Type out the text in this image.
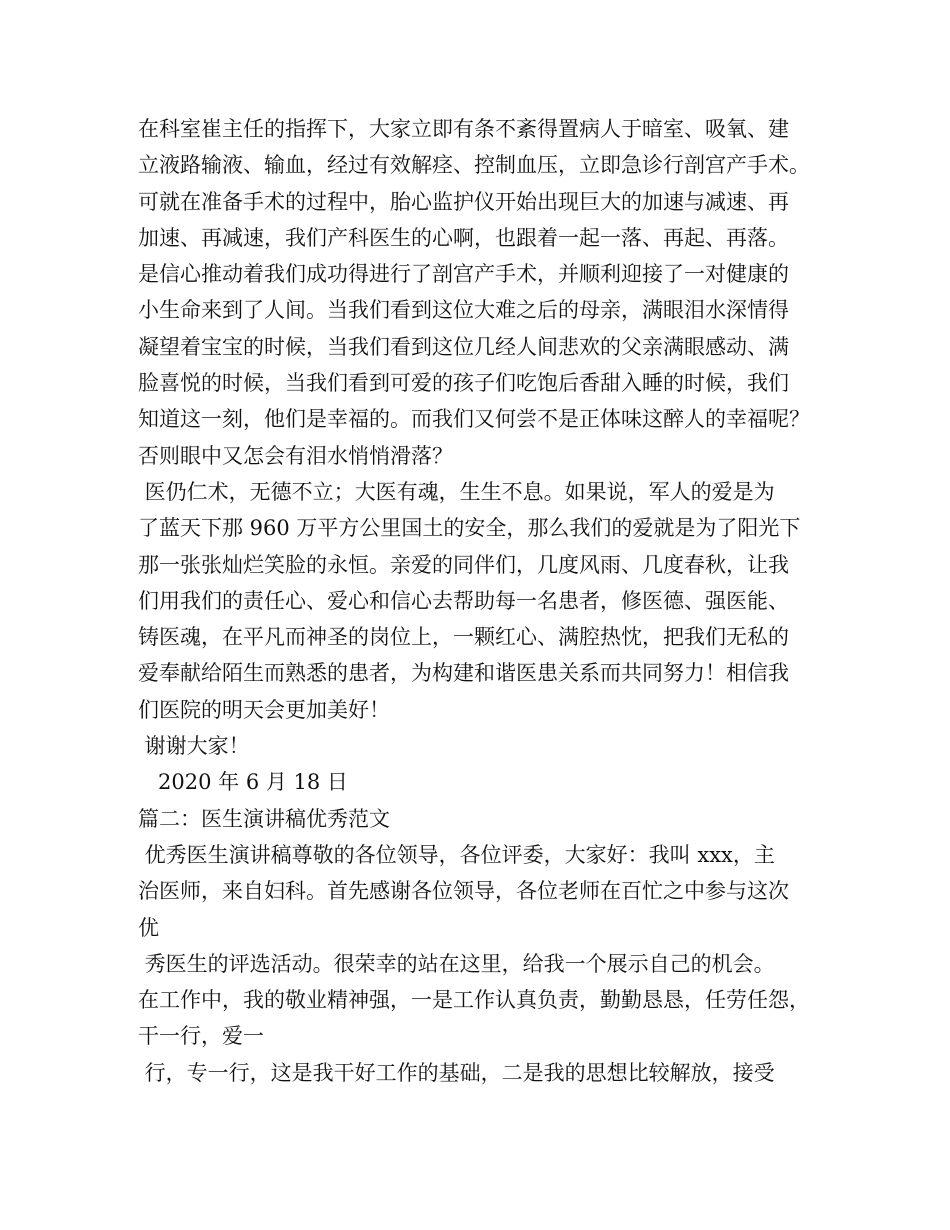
在科室崔主任的指挥下，大家立即有条不紊得置病人于暗室、吸氧、建
立液路输液、输血，经过有效解痉、控制血压，立即急诊行剖宫产手术。
可就在准备手术的过程中，胎心监护仪开始出现巨大的加速与减速、再
加速、再减速，我们产科医生的心啊，也跟着一起一落、再起、再落。
是信心推动着我们成功得进行了剖宫产手术，并顺利迎接了一对健康的
小生命来到了人间。当我们看到这位大难之后的母亲，满眼泪水深情得
凝望着宝宝的时候，当我们看到这位几经人间悲欢的父亲满眼感动、满
脸喜悦的时候，当我们看到可爱的孩子们吃饱后香甜入睡的时候，我们
知道这一刻，他们是幸福的。而我们又何尝不是正体味这醉人的幸福呢？
否则眼中又怎会有泪水悄悄滑落？
医仍仁术，无德不立；大医有魂，生生不息。如果说，军人的爱是为
了蓝天下那 960 万平方公里国土的安全，那么我们的爱就是为了阳光下
那一张张灿烂笑脸的永恒。亲爱的同伴们，几度风雨、几度春秋，让我
们用我们的责任心、爱心和信心去帮助每一名患者，修医德、强医能、
铸医魂，在平凡而神圣的岗位上，一颗红心、满腔热忱，把我们无私的
爱奉献给陌生而熟悉的患者，为构建和谐医患关系而共同努力！相信我
们医院的明天会更加美好！
谢谢大家！
2020 年 6 月 18 日
篇二：医生演讲稿优秀范文
优秀医生演讲稿尊敬的各位领导，各位评委，大家好：我叫 xxx，主
治医师，来自妇科。首先感谢各位领导，各位老师在百忙之中参与这次
优
秀医生的评选活动。很荣幸的站在这里，给我一个展示自己的机会。
在工作中，我的敬业精神强，一是工作认真负责，勤勤恳恳，任劳任怨，
干一行，爱一
行，专一行，这是我干好工作的基础，二是我的思想比较解放，接受
